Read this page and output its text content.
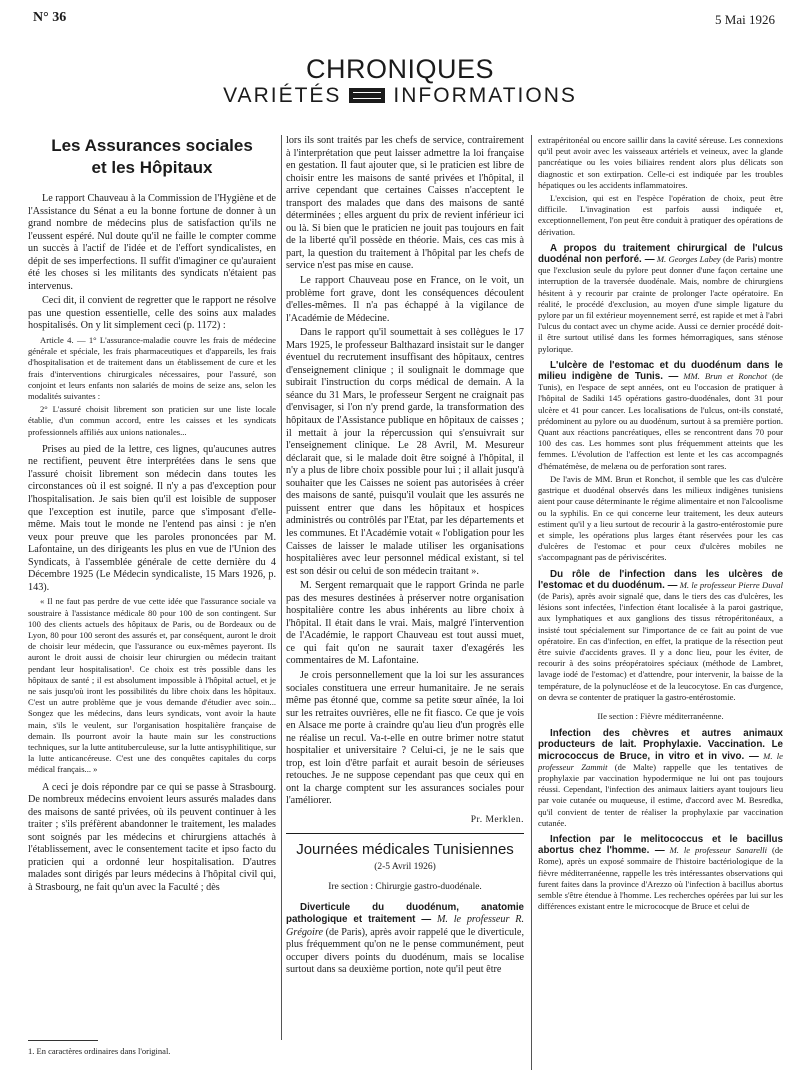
N° 36	5 Mai 1926
CHRONIQUES
VARIÉTÉS INFORMATIONS
Les Assurances sociales
et les Hôpitaux

Le rapport Chauveau à la Commission de l'Hygiène et de l'Assistance du Sénat a eu la bonne fortune de donner à un grand nombre de médecins plus de satisfaction qu'ils ne l'eussent espéré. Nul doute qu'il ne faille le compter comme un succès à l'actif de l'idée et de l'effort syndicalistes, en dépit de ses imperfections. Il suffit d'imaginer ce qu'auraient été les choses si les militants des syndicats n'étaient pas intervenus.

Ceci dit, il convient de regretter que le rapport ne résolve pas une question essentielle, celle des soins aux malades hospitalisés. On y lit simplement ceci (p. 1172) :

Article 4. — 1° L'assurance-maladie couvre les frais de médecine générale et spéciale, les frais pharmaceutiques et d'appareils, les frais d'hospitalisation et de traitement dans un établissement de cure et les frais d'interventions chirurgicales nécessaires, pour l'assuré, son conjoint et leurs enfants non salariés de moins de seize ans, selon les modalités suivantes :

2° L'assuré choisit librement son praticien sur une liste locale établie, d'un commun accord, entre les caisses et les syndicats professionnels affiliés aux unions nationales...

Prises au pied de la lettre, ces lignes, qu'aucunes autres ne rectifient, peuvent être interprétées dans le sens que l'assuré choisit librement son médecin dans toutes les circonstances où il est soigné. Il n'y a pas d'exception pour l'hospitalisation. Je sais bien qu'il est loisible de supposer que l'exception est inutile, parce que s'imposant d'elle-même. Mais tout le monde ne l'entend pas ainsi : je n'en veux pour preuve que les paroles prononcées par M. Lafontaine, un des dirigeants les plus en vue de l'Union des Syndicats, à l'assemblée générale de cette dernière du 4 Décembre 1925 (Le Médecin syndicaliste, 15 Mars 1926, p. 143).

« Il ne faut pas perdre de vue cette idée que l'assurance sociale va soustraire à l'assistance médicale 80 pour 100 de son contingent. Sur 100 des clients actuels des hôpitaux de Paris, ou de Bordeaux ou de Lyon, 80 pour 100 seront des assurés et, par conséquent, auront le droit de choisir leur médecin, que l'assurance ou eux-mêmes payeront. Ils auront le droit aussi de choisir leur chirurgien ou médecin traitant pendant leur hospitalisation¹. Ce choix est très possible dans les hôpitaux de santé ; il est absolument impossible à l'hôpital actuel, et je ne sais jusqu'où iront les possibilités du libre choix dans les hôpitaux. C'est un autre problème que je vous demande d'étudier avec soin... Songez que les médecins, dans leurs syndicats, vont avoir la haute main, s'ils le veulent, sur l'organisation hospitalière française de demain. Ils pourront avoir la haute main sur les constructions techniques, sur la lutte antituberculeuse, sur la lutte antisyphilitique, sur la lutte anticancéreuse. C'est une des conquêtes capitales du corps médical français... »

A ceci je dois répondre par ce qui se passe à Strasbourg. De nombreux médecins envoient leurs assurés malades dans des maisons de santé privées, où ils peuvent continuer à les traiter ; s'ils préfèrent abandonner le traitement, les malades sont soignés par les médecins et chirurgiens attachés à l'établissement, avec le consentement tacite et ipso facto du praticien qui a ordonné leur hospitalisation. D'autres malades sont dirigés par leurs médecins à l'hôpital civil qui, à Strasbourg, ne fait qu'un avec la Faculté ; dès

1. En caractères ordinaires dans l'original.

lors ils sont traités par les chefs de service, contrairement à l'interprétation que peut laisser admettre la loi française en gestation. Il faut ajouter que, si le praticien est libre de choisir entre les maisons de santé privées et l'hôpital, il arrive cependant que certaines Caisses n'acceptent le transport des malades que dans des maisons de santé déterminées ; elles arguent du prix de revient inférieur ici ou là. Si bien que le praticien ne jouit pas toujours en fait de la liberté qu'il possède en théorie. Mais, ces cas mis à part, la question du traitement à l'hôpital par les chefs de service n'est pas mise en cause.

Le rapport Chauveau pose en France, on le voit, un problème fort grave, dont les conséquences découlent d'elles-mêmes. Il n'a pas échappé à la vigilance de l'Académie de Médecine.

Dans le rapport qu'il soumettait à ses collègues le 17 Mars 1925, le professeur Balthazard insistait sur le danger éventuel du recrutement insuffisant des hôpitaux, centres d'enseignement clinique ; il soulignait le dommage que subirait l'instruction du corps médical de demain. A la séance du 31 Mars, le professeur Sergent ne craignait pas d'envisager, si l'on n'y prend garde, la transformation des hôpitaux de l'Assistance publique en hôpitaux de caisses ; il mettait à jour la répercussion qui s'ensuivrait sur l'enseignement clinique. Le 28 Avril, M. Mesureur déclarait que, si le malade doit être soigné à l'hôpital, il n'y a plus de libre choix possible pour lui ; il allait jusqu'à souhaiter que les Caisses ne soient pas autorisées à créer des maisons de santé, puisqu'il voulait que les assurés ne puissent entrer que dans les hôpitaux et hospices administrés ou contrôlés par l'Etat, par les départements et les communes. Et l'Académie votait « l'obligation pour les Caisses de laisser le malade utiliser les organisations hospitalières avec leur personnel médical existant, si tel est son désir ou celui de son médecin traitant ».

M. Sergent remarquait que le rapport Grinda ne parle pas des mesures destinées à préserver notre organisation hospitalière contre les abus inhérents au libre choix à l'hôpital. Il était dans le vrai. Mais, malgré l'intervention de l'Académie, le rapport Chauveau est tout aussi muet, ce qui fait qu'on ne saurait taxer d'exagérés les commentaires de M. Lafontaine.

Je crois personnellement que la loi sur les assurances sociales constituera une erreur humanitaire. Je ne serais même pas étonné que, comme sa petite sœur aînée, la loi sur les retraites ouvrières, elle ne fit fiasco. Ce que je vois en Alsace me porte à craindre qu'au lieu d'un progrès elle ne réalise un recul. Va-t-elle en outre brimer notre statut hospitalier et universitaire ? Celui-ci, je ne le sais que trop, est loin d'être parfait et aurait besoin de sérieuses retouches. Je ne suppose cependant pas que ceux qui en ont la charge comptent sur les assurances sociales pour l'améliorer.

Pr. Merklen.
Journées médicales Tunisiennes
(2-5 Avril 1926)
Ire section : Chirurgie gastro-duodénale.

Diverticule du duodénum, anatomie pathologique et traitement — M. le professeur R. Grégoire (de Paris), après avoir rappelé que le diverticule, plus fréquemment qu'on ne le pense communément, peut occuper divers points du duodénum, mais se localise surtout dans sa deuxième portion, note qu'il peut être

extrapéritonéal ou encore saillir dans la cavité séreuse. Les connexions qu'il peut avoir avec les vaisseaux artériels et veineux, avec la glande pancréatique ou les voies biliaires rendent alors plus délicats son diagnostic et son extirpation. Celle-ci est indiquée par les troubles hépatiques ou les accidents inflammatoires.

L'excision, qui est en l'espèce l'opération de choix, peut être difficile. L'invagination est parfois aussi indiquée et, exceptionnellement, l'on peut être conduit à pratiquer des opérations de dérivation.

A propos du traitement chirurgical de l'ulcus duodénal non perforé. — M. Georges Labey (de Paris) montre que l'exclusion seule du pylore peut donner d'une façon certaine une interruption de la traversée duodénale. Mais, nombre de chirurgiens hésitent à y recourir par crainte de prolonger l'acte opératoire. En réalité, le procédé d'exclusion, au moyen d'une simple ligature du pylore par un fil extérieur moyennement serré, est rapide et met à l'abri l'ulcus du contact avec un chyme acide. Aussi ce dernier procédé doit-il être surtout utilisé dans les formes hémorragiques, sans sténose pylorique.

L'ulcère de l'estomac et du duodénum dans le milieu indigène de Tunis. — MM. Brun et Ronchot (de Tunis), en l'espace de sept années, ont eu l'occasion de pratiquer à l'hôpital de Sadiki 145 opérations gastro-duodénales, dont 31 pour ulcère et 41 pour cancer. Les localisations de l'ulcus, ont-ils constaté, prédominent au pylore ou au duodénum, surtout à sa première portion. Quant aux réactions pancréatiques, elles se rencontrent dans 70 pour 100 des cas. Les hommes sont plus fréquemment atteints que les femmes. L'évolution de l'affection est lente et les cas accompagnés d'hématémèse, de melæna ou de perforation sont rares.

De l'avis de MM. Brun et Ronchot, il semble que les cas d'ulcère gastrique et duodénal observés dans les milieux indigènes tunisiens aient pour cause déterminante le régime alimentaire et non l'alcoolisme ou la syphilis. En ce qui concerne leur traitement, les deux auteurs estiment qu'il y a lieu surtout de recourir à la gastro-entérostomie pure et simple, les opérations plus larges étant réservées pour les cas d'ulcères de l'estomac et pour ceux d'ulcères mobiles ne s'accompagnant pas de périviscérites.

Du rôle de l'infection dans les ulcères de l'estomac et du duodénum. — M. le professeur Pierre Duval (de Paris), après avoir signalé que, dans le tiers des cas d'ulcères, les lésions sont infectées, l'infection étant localisée à la paroi gastrique, aux lymphatiques et aux ganglions des tissus rétropéritonéaux, a insisté tout spécialement sur l'importance de ce fait au point de vue opératoire. En cas d'infection, en effet, la pratique de la résection peut être suivie d'accidents graves. Il y a donc lieu, pour les éviter, de recourir à des soins préopératoires spéciaux (méthode de Lambret, lavage iodé de l'estomac) et d'attendre, pour intervenir, la baisse de la température, de la polynucléose et de la leucocytose. En cas d'urgence, on devra se contenter de pratiquer la gastro-entérostomie.

IIe section : Fièvre méditerranéenne.

Infection des chèvres et autres animaux producteurs de lait. Prophylaxie. Vaccination. Le micrococcus de Bruce, in vitro et in vivo. — M. le professeur Zammit (de Malte) rappelle que les tentatives de prophylaxie par vaccination hypodermique ne lui ont pas toujours réussi. Cependant, l'infection des animaux laitiers ayant toujours lieu par voie cutanée ou muqueuse, il estime, d'accord avec M. Besredka, qu'il convient de tenter de réaliser la prophylaxie par vaccination cutanée.

Infection par le melitococcus et le bacillus abortus chez l'homme. — M. le professeur Sanarelli (de Rome), après un exposé sommaire de l'histoire bactériologique de la fièvre méditerranéenne, rappelle les très intéressantes observations qui furent faites dans la province d'Arezzo où l'infection à bacillus abortus semble s'être étendue à l'homme. Les recherches opérées par lui sur les différences existant entre le micrococque de Bruce et celui de
